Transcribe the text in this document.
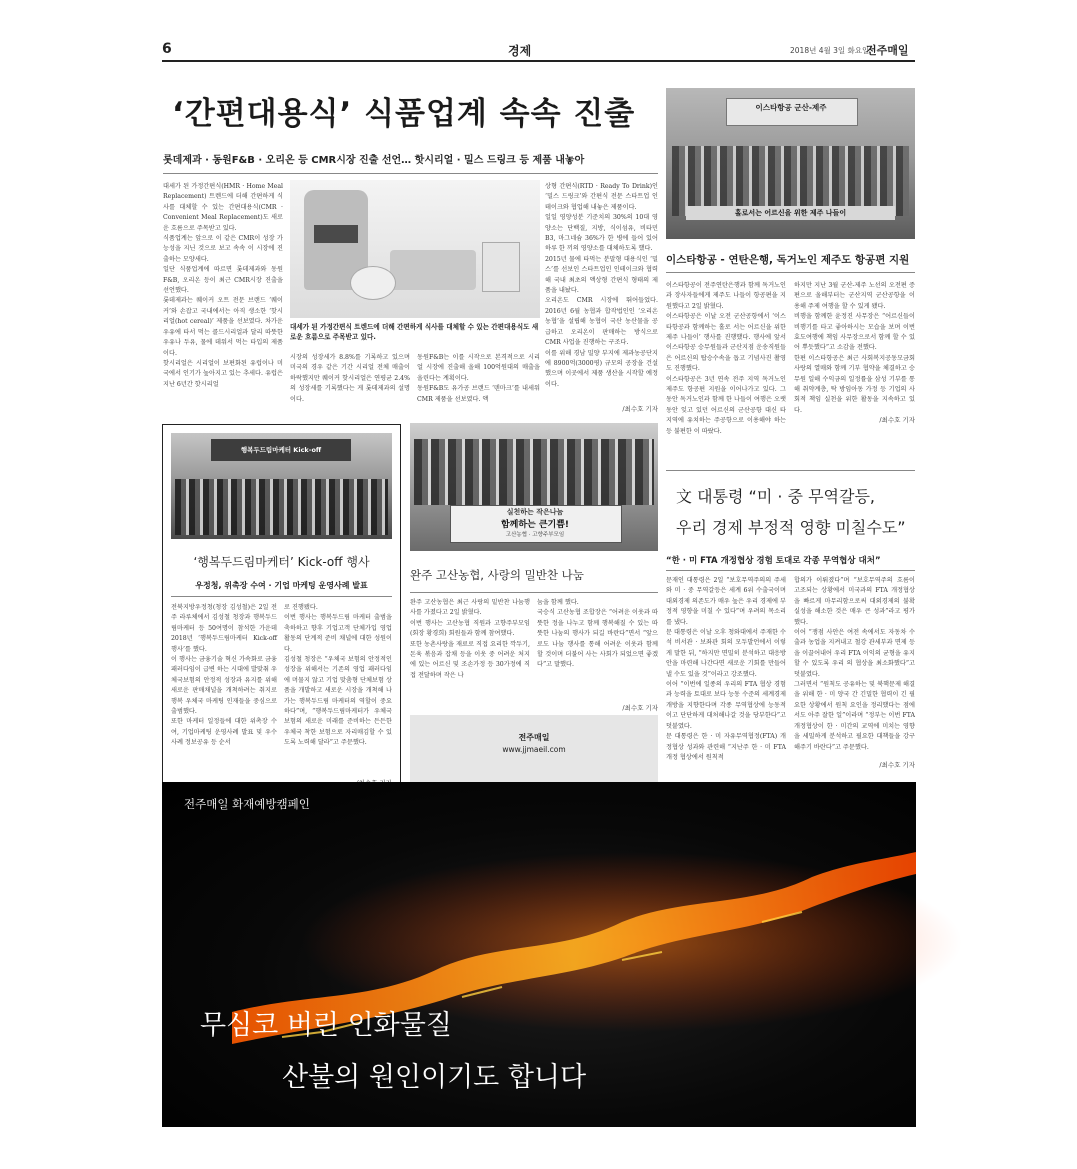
6	경제	2018년 4월 3일 화요일
전주매일
‘간편대용식’ 식품업계 속속 진출
롯데제과 · 동원F&B · 오리온 등 CMR시장 진출 선언… 핫시리얼 · 밀스 드링크 등 제품 내놓아
대세가 된 가정간편식(HMR · Home Meal Replacement) 트렌드에 더해 간편하게 식사를 대체할 수 있는 간편대용식(CMR · Convenient Meal Replacement)도 새로운 흐름으로 주목받고 있다.
식품업계는 앞으로 이 같은 CMR이 성장 가능성을 지닌 것으로 보고 속속 이 시장에 진출하는 모양새다.
일단 식품업계에 따르면 롯데제과와 동원F&B, 오리온 등이 최근 CMR시장 진출을 선언했다.
롯데제과는 퀘이커 오트 전문 브랜드 ‘퀘이커’와 손잡고 국내에서는 아직 생소한 ‘핫시리얼(hot cereal)’ 제품을 선보였다. 차가운 우유에 타서 먹는 콜드시리얼과 달리 따뜻한 우유나 두유, 물에 데워서 먹는 타입의 제품이다.
핫시리얼은 시리얼이 보편화된 유럽이나 미국에서 인기가 높아지고 있는 추세다. 유럽은 지난 6년간 핫시리얼
대세가 된 가정간편식 트렌드에 더해 간편하게 식사를 대체할 수 있는 간편대용식도 새로운 흐름으로 주목받고 있다.
시장의 성장세가 8.8%를 기록하고 있으며 미국의 경우 같은 기간 시리얼 전체 매출이 하락했지만 퀘이커 핫시리얼은 연평균 2.4%의 성장세를 기록했다는 게 롯데제과의 설명이다.
동원F&B는 이를 시작으로 본격적으로 시리얼 시장에 진출해 올해 100억원대의 매출을 올린다는 계획이다.
동원F&B도 유가공 브랜드 ‘덴마크’를 내세워 CMR 제품을 선보였다. 액
상형 간편식(RTD · Ready To Drink)인 ‘밀스 드링크’와 간편식 전문 스타트업 인테이크와 협업해 내놓은 제품이다.
일일 영양성분 기준치의 30%의 10대 영양소는 단백질, 지방, 식이섬유, 비타민 B3, 마그네슘 36%가 한 병에 들어 있어 하루 한 끼의 영양소를 대체하도록 했다.
2015년 물에 타먹는 분말형 대용식인 ‘밀스’를 선보인 스타트업인 인테이크와 협력해 국내 최초의 액상형 간편식 형태의 제품을 내놨다.
오리온도 CMR 시장에 뛰어들었다. 2016년 6월 농협과 합작법인인 ‘오리온농협’을 설립해 농협이 국산 농산물을 공급하고 오리온이 판매하는 방식으로 CMR 사업을 진행하는 구조다.
이를 위해 경남 밀양 부지에 제과농공단지에 8900억(3000평) 규모의 공장을 건설했으며 이곳에서 제품 생산을 시작할 예정이다.
/최수호 기자
이스타항공 군산-제주
홀로서는 어르신을 위한 제주 나들이
이스타항공 - 연탄은행, 독거노인 제주도 항공편 지원
이스타항공이 전주연탄은행과 함께 독거노인과 장사자들에게 제주도 나들이 항공편을 지원했다고 2일 밝혔다.
이스타항공은 이날 오전 군산공항에서 ‘이스타항공과 함께하는 홀로 서는 어르신을 위한 제주 나들이’ 행사를 진행했다. 행사에 앞서 이스타항공 승무원들과 군산지점 운송직원들은 어르신의 탑승수속을 돕고 기념사진 촬영도 진행했다.
이스타항공은 3년 연속 전주 지역 독거노인 제주도 항공편 지원을 이어나가고 있다. 그 동안 독거노인과 함께 한 나들이 여행은 오랫동안 잊고 있던 어르신의 군산공항 대신 타 지역에 유치하는 주공항으로 이용해야 하는 등 불편한 이 따랐다.
하지만 지난 3월 군산-제주 노선의 오전편 증편으로 올해부터는 군산지역 군산공항을 이용해 주제 여행을 할 수 있게 됐다.
비행을 함께한 윤정진 사무장은 “어르신들이 비행기를 타고 좋아하시는 모습을 보며 이번 효도여행에 책임 사무장으로서 함께 할 수 있어 뿌듯했다”고 소감을 전했다.
한편 이스타항공은 최근 사회복지공동모금회 사랑의 열매와 함께 기부 협약을 체결하고 승무원 일해 수익금의 일정률을 삼성 기부를 통해 취약계층, 탁 방임아동 가정 등 기업의 사회적 책임 실천을 위한 활동을 지속하고 있다.
/최수호 기자
행복두드림마케터 Kick-off
‘행복두드림마케터’ Kick-off 행사
우정청, 위촉장 수여 · 기업 마케팅 운영사례 발표
전북지방우정청(청장 김성철)은 2일 전주 라루체에서 김성철 청장과 행복두드림마케터 등 50여명이 참석한 가운데 2018년 ‘행복두드림마케터 Kick-off 행사’를 했다.
이 행사는 금융기술 혁신 가속화로 금융 패러다임이 급변 하는 시대에 발맞춰 우체국보험의 안정적 성장과 유지를 위해 새로운 판매채널을 개척하려는 취지로 행복 우체국 마케팅 인재들을 중심으로 출범했다.
또한 마케터 일정들에 대한 위촉장 수여, 기업마케팅 운영사례 발표 및 우수사례 정보공유 등 순서
로 진행됐다.
이번 행사는 행복두드림 마케터 출범을 축하하고 향후 기업고객 단체가입 영업활동의 단계적 준비 채널에 대한 성원이다.
김성철 청장은 “우체국 보험의 안정적인 성장을 위해서는 기존의 영업 패러다임에 머물지 않고 기업 맞춤형 단체보험 상품을 개발하고 새로운 시장을 개척해 나가는 행복두드림 마케터의 역할이 중요하다”며, “행복두드림마케터가 우체국 보험의 새로운 미래를 준비하는 든든한 우체국 착한 보험으로 자리매김할 수 있도록 노력해 달라”고 주문했다.
실천하는 작은나눔
함께하는 큰기쁨!
고산농협 · 고향주부모임
완주 고산농협, 사랑의 밀반찬 나눔
완주 고산농협은 최근 사랑의 밑반찬 나눔행사를 가졌다고 2일 밝혔다.
이번 행사는 고산농협 직원과 고향주부모임(회장 황경희) 회원들과 함께 참여했다.
또한 농촌사랑을 재료로 직접 요리한 깍두기, 돈육 볶음과 잡채 등을 이웃 중 어려운 처지에 있는 어르신 및 조손가정 등 30가정에 직접 전달하며 작은 나
눔을 함께 했다.
국승식 고산농협 조합장은 “어려운 이웃과 따뜻한 정을 나누고 함께 행복해질 수 있는 따뜻한 나눔의 행사가 되길 바란다”면서 “앞으로도 나눔 행사를 통해 어려운 이웃과 함께 할 것이며 더불어 사는 사회가 되었으면 좋겠다”고 말했다.
/최수호 기자
전주매일
www.jjmaeil.com
文 대통령 “미 · 중 무역갈등,
우리 경제 부정적 영향 미칠수도”
“한 · 미 FTA 개정협상 경험 토대로 각종 무역협상 대처”
문재인 대통령은 2일 “보호무역주의의 주세와 미 · 중 무역갈등은 세계 6위 수출국이며 대외경제 의존도가 매우 높은 우리 경제에 부정적 영향을 미칠 수 있다”며 우려의 목소리를 냈다.
문 대통령은 이날 오후 청와대에서 주재한 수석 비서관 · 보좌관 회의 모두발언에서 이렇게 말한 뒤, “하지만 면밀히 분석하고 대응방안을 마련해 나간다면 새로운 기회를 만들어 낼 수도 있을 것”이라고 강조했다.
이어 “이번에 일종의 우리의 FTA 협상 경험과 능력을 토대로 보다 능동 수준의 세계경제 개방을 지향한다며 각종 무역협상에 능동적이고 단단하게 대처해나갈 것을 당부한다”고 덧붙였다.
문 대통령은 한 · 미 자유무역협정(FTA) 개정협상 성과와 관련해 “지난주 한 · 미 FTA 개정 협상에서 원칙적
합의가 이뤄졌다”며 “보호무역주의 흐름이 고조되는 상황에서 미국과의 FTA 개정협상을 빠르게 마무리함으로써 대외경제의 불확실성을 해소한 것은 매우 큰 성과”라고 평가했다.
이어 “쟁점 사안은 여전 속에서도 자동차 수출과 농업을 지켜내고 철강 관세부과 면제 등을 이끌어내어 우리 FTA 이익의 균형을 유지할 수 있도록 우리 의 협상을 최소화했다”고 덧붙였다.
그러면서 “원칙도 공유하는 및 북핵문제 해결을 위해 한 · 미 양국 간 긴밀한 협력이 긴 필요한 상황에서 원칙 요인을 정리했다는 점에서도 아주 잘한 일”이라며 “정부는 이번 FTA 개정협상이 한 · 미간의 교역에 미치는 영향을 세밀하게 분석하고 필요한 대책들을 강구해주기 바란다”고 주문했다.
/최수호 기자
전주매일 화재예방캠페인
무심코 버린 인화물질
산불의 원인이기도 합니다
